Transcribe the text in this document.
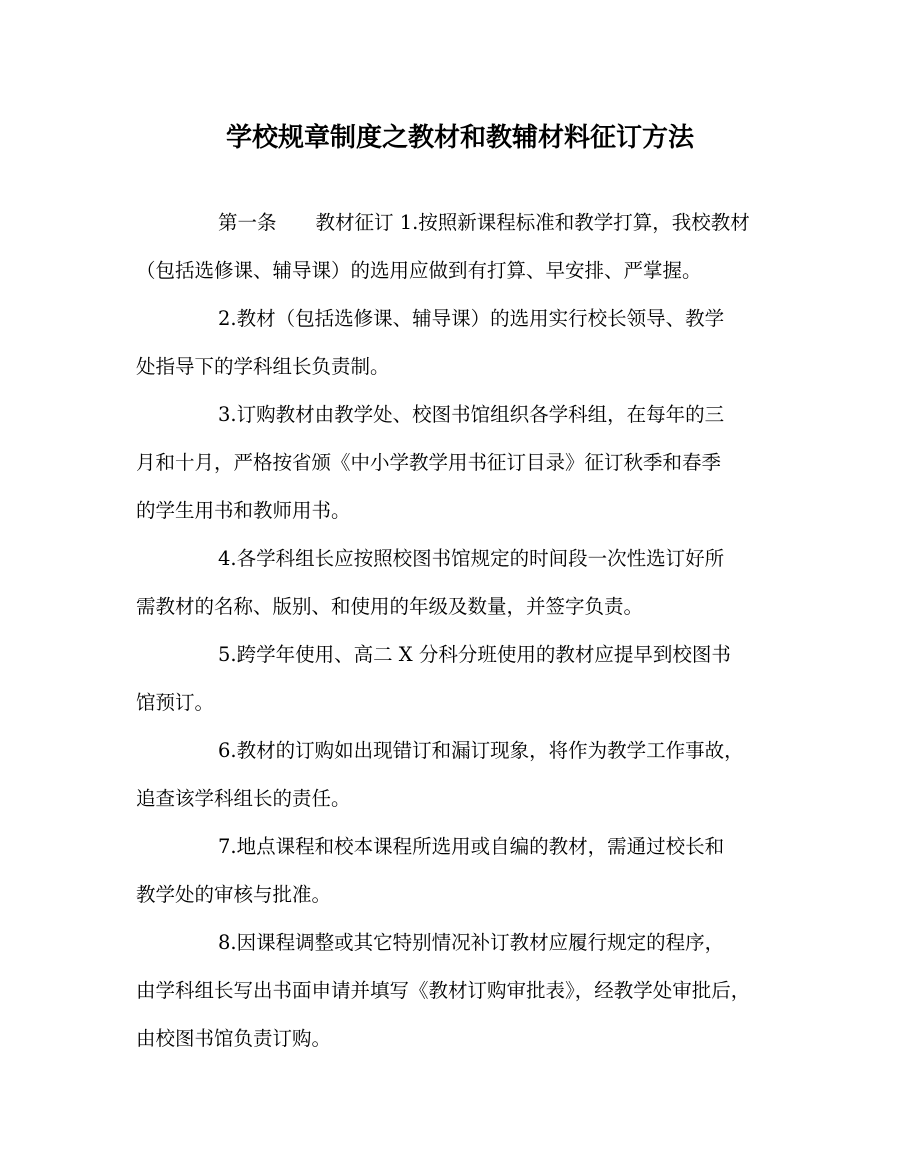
学校规章制度之教材和教辅材料征订方法
第一条　　教材征订 1.按照新课程标准和教学打算，我校教材
（包括选修课、辅导课）的选用应做到有打算、早安排、严掌握。
2.教材（包括选修课、辅导课）的选用实行校长领导、教学
处指导下的学科组长负责制。
3.订购教材由教学处、校图书馆组织各学科组，在每年的三
月和十月，严格按省颁《中小学教学用书征订目录》征订秋季和春季
的学生用书和教师用书。
4.各学科组长应按照校图书馆规定的时间段一次性选订好所
需教材的名称、版别、和使用的年级及数量，并签字负责。
5.跨学年使用、高二 X 分科分班使用的教材应提早到校图书
馆预订。
6.教材的订购如出现错订和漏订现象，将作为教学工作事故，
追查该学科组长的责任。
7.地点课程和校本课程所选用或自编的教材，需通过校长和
教学处的审核与批准。
8.因课程调整或其它特别情况补订教材应履行规定的程序，
由学科组长写出书面申请并填写《教材订购审批表》，经教学处审批后，
由校图书馆负责订购。
